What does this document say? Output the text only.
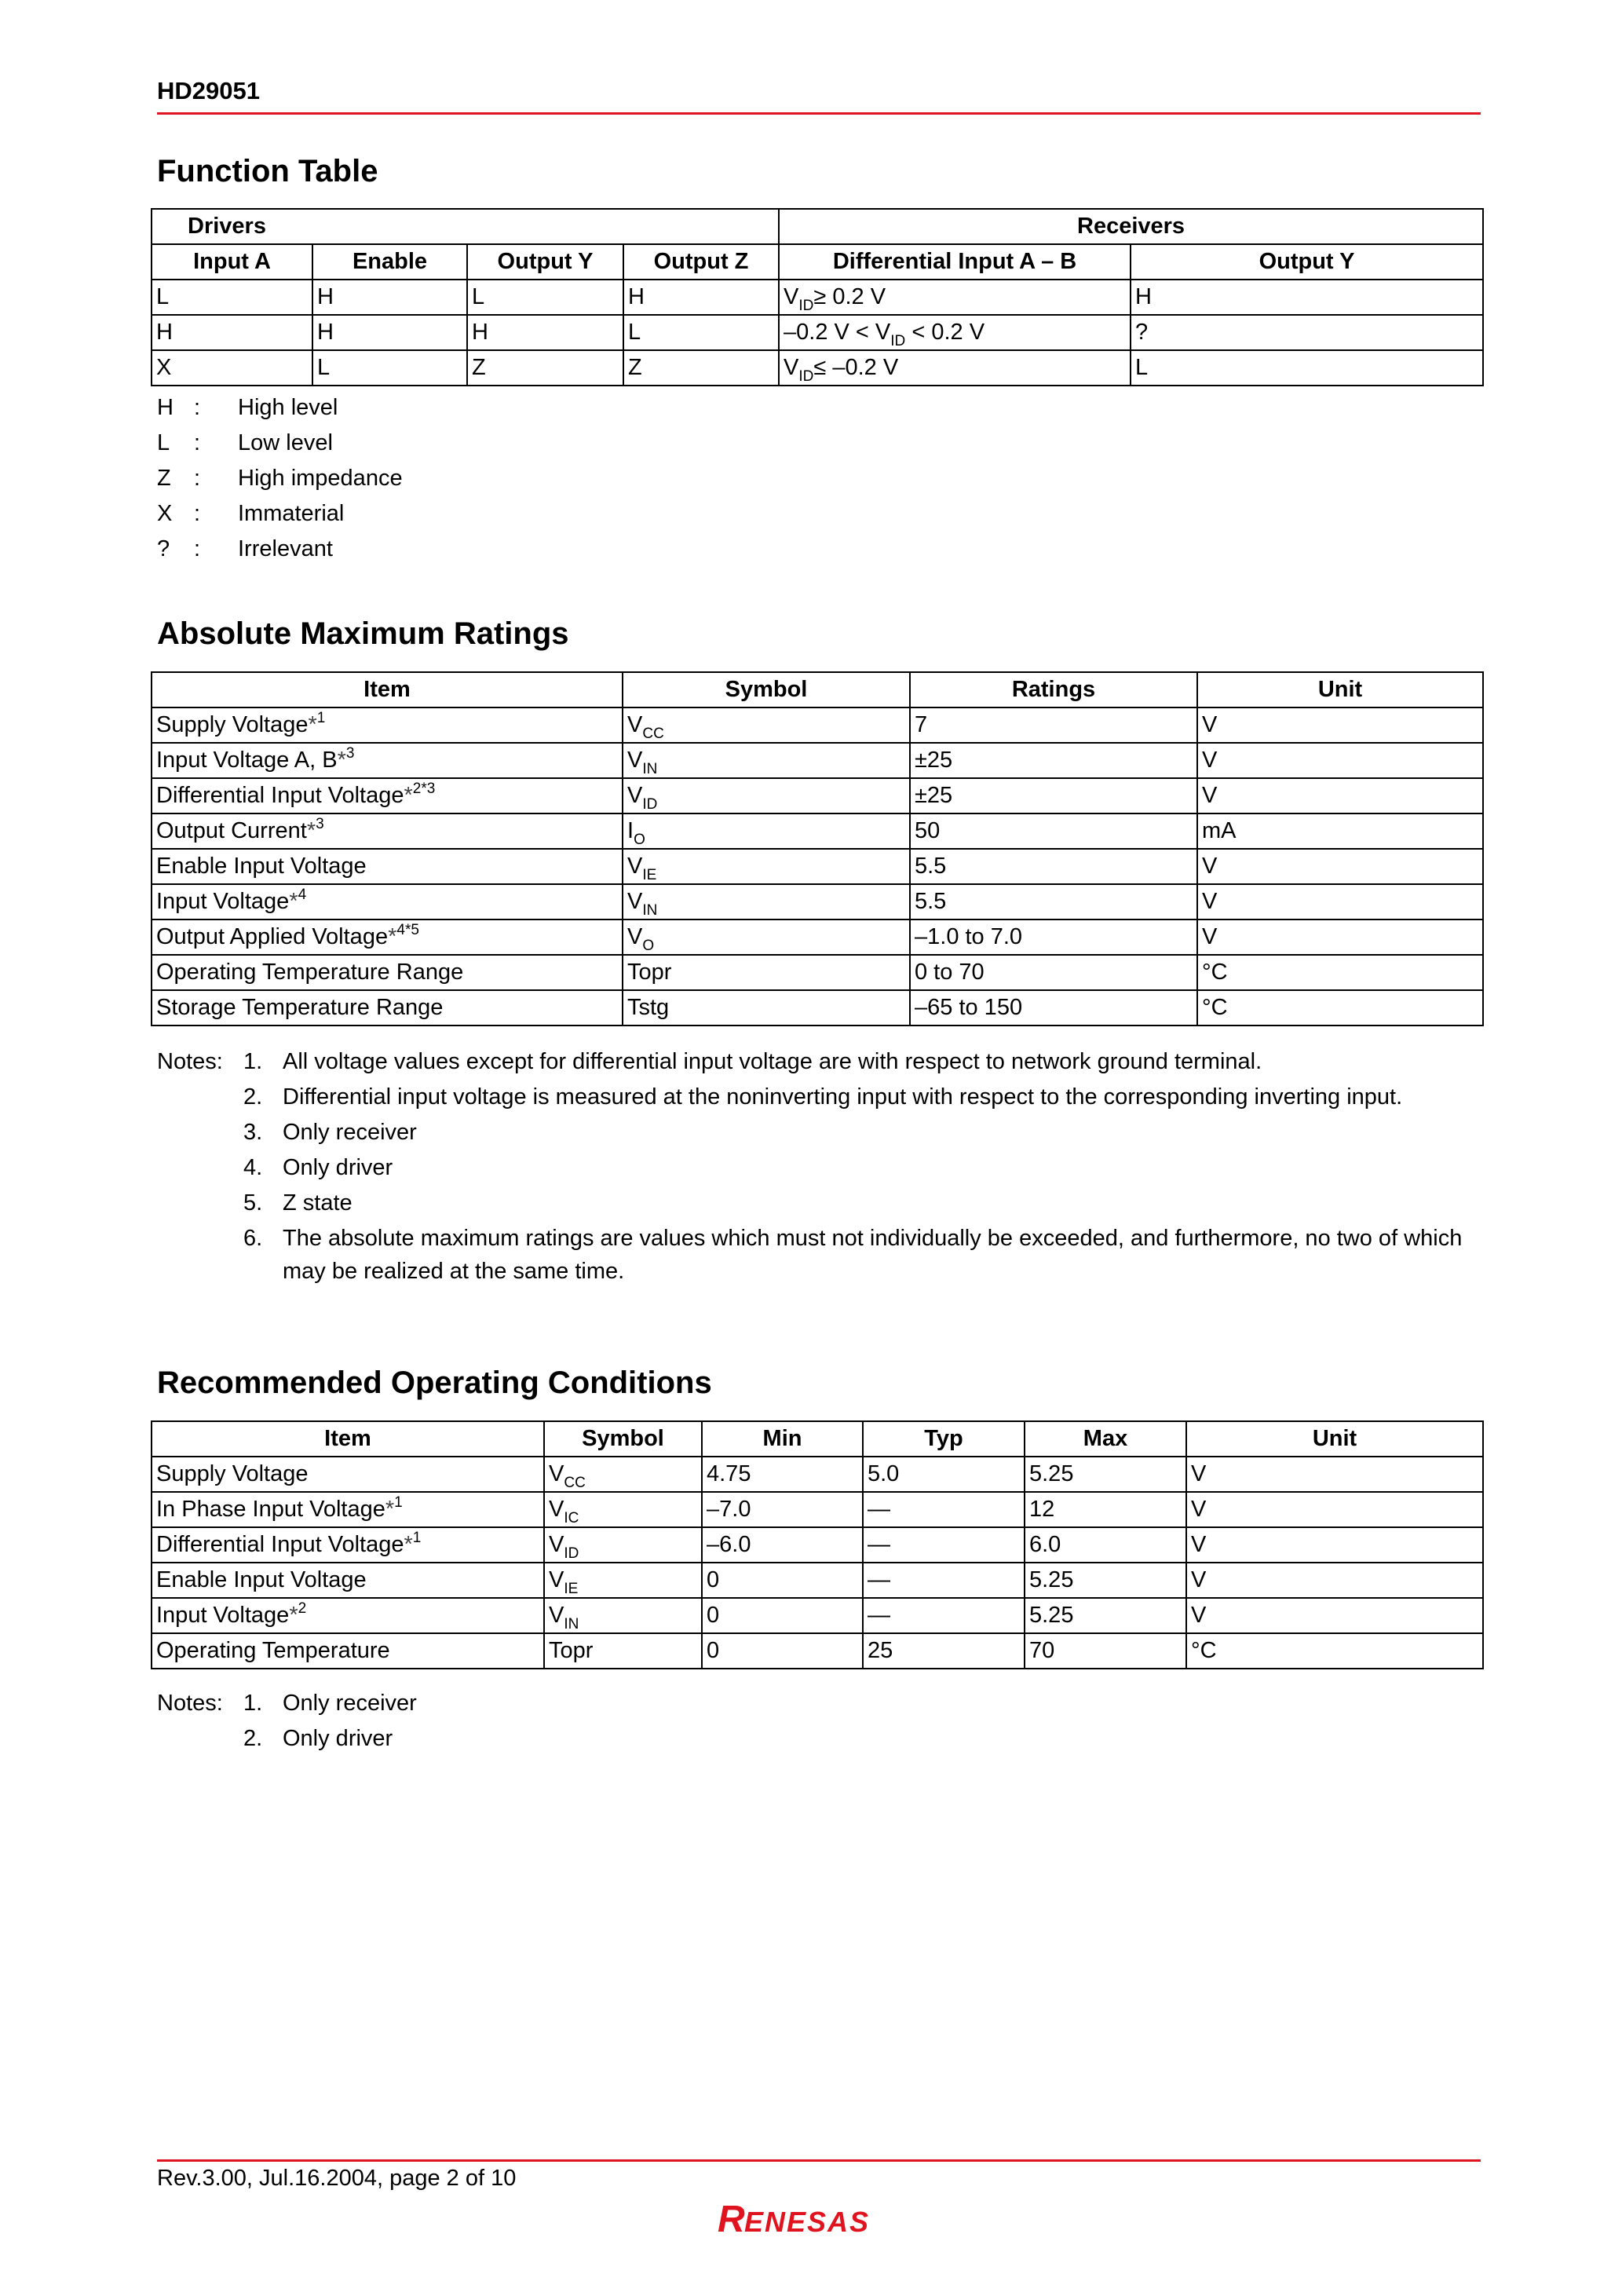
HD29051
Function Table
Drivers				Receivers	
Input A	Enable	Output Y	Output Z	Differential Input A – B	Output Y
L	H	L	H	$V_{ID}\ge 0.2$ V	H
H	H	H	L	–0.2 $V < V_{ID} < 0.2$ V	?
X	L	Z	Z	$V_{ID}\le -0.2$ V	L
H :	High level
L	:	Low level
Z	:	High impedance
X :	Immaterial
?	:	Irrelevant
Absolute Maximum Ratings
Item	Symbol	Ratings	Unit
Supply Voltage*$^1$	$V_{CC}$	7	V
Input Voltage A, B*$^3$	$V_{IN}$	±25	V
Differential Input Voltage*$^{2*3}$	$V_{ID}$	±25	V
Output Current*$^3$	$I_O$	50	mA
Enable Input Voltage	$V_{IE}$	5.5	V
Input Voltage*$^4$	$V_{IN}$	5.5	V
Output Applied Voltage*$^{4*5}$	$V_O$	–1.0 to 7.0	V
Operating Temperature Range	Topr	0 to 70	°C
Storage Temperature Range	Tstg	–65 to 150	°C
Notes: 1. All voltage values except for differential input voltage are with respect to network ground terminal.
2. Differential input voltage is measured at the noninverting input with respect to the corresponding inverting input.
3. Only receiver
4. Only driver
5. Z state
6. The absolute maximum ratings are values which must not individually be exceeded, and furthermore, no two of which may be realized at the same time.
Recommended Operating Conditions
Item	Symbol	Min	Typ	Max	Unit
Supply Voltage	$V_{CC}$	4.75	5.0	5.25	V
In Phase Input Voltage*$^1$	$V_{IC}$	–7.0	—	12	V
Differential Input Voltage*$^1$	$V_{ID}$	–6.0	—	6.0	V
Enable Input Voltage	$V_{IE}$	0	—	5.25	V
Input Voltage*$^2$	$V_{IN}$	0	—	5.25	V
Operating Temperature	Topr	0	25	70	°C
Notes: 1. Only receiver
2. Only driver
Rev.3.00, Jul.16.2004, page 2 of 10
R ENESAS
